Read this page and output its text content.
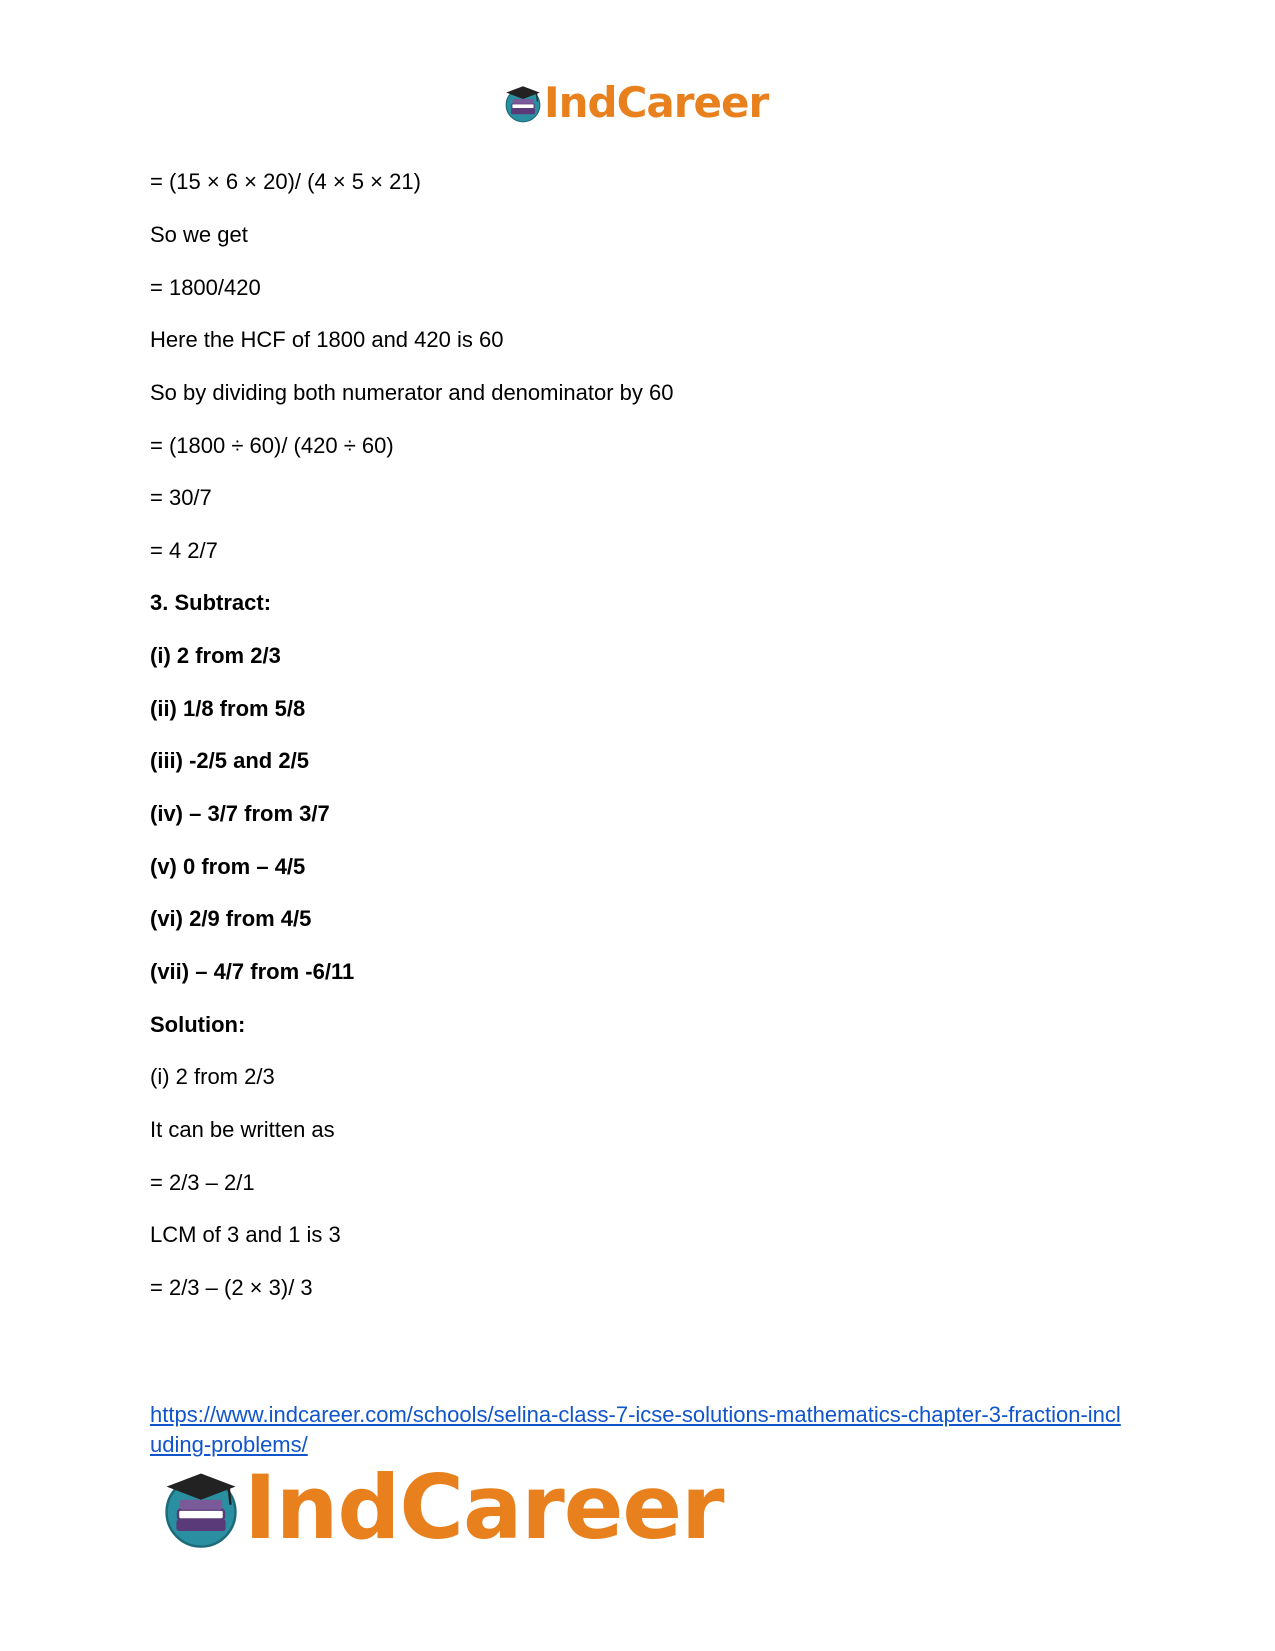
IndCareer
= (15 × 6 × 20)/ (4 × 5 × 21)
So we get
= 1800/420
Here the HCF of 1800 and 420 is 60
So by dividing both numerator and denominator by 60
= (1800 ÷ 60)/ (420 ÷ 60)
= 30/7
= 4 2/7
3. Subtract:
(i) 2 from 2/3
(ii) 1/8 from 5/8
(iii) -2/5 and 2/5
(iv) – 3/7 from 3/7
(v) 0 from – 4/5
(vi) 2/9 from 4/5
(vii) – 4/7 from -6/11
Solution:
(i) 2 from 2/3
It can be written as
= 2/3 – 2/1
LCM of 3 and 1 is 3
= 2/3 – (2 × 3)/ 3
https://www.indcareer.com/schools/selina-class-7-icse-solutions-mathematics-chapter-3-fraction-including-problems/
IndCareer
